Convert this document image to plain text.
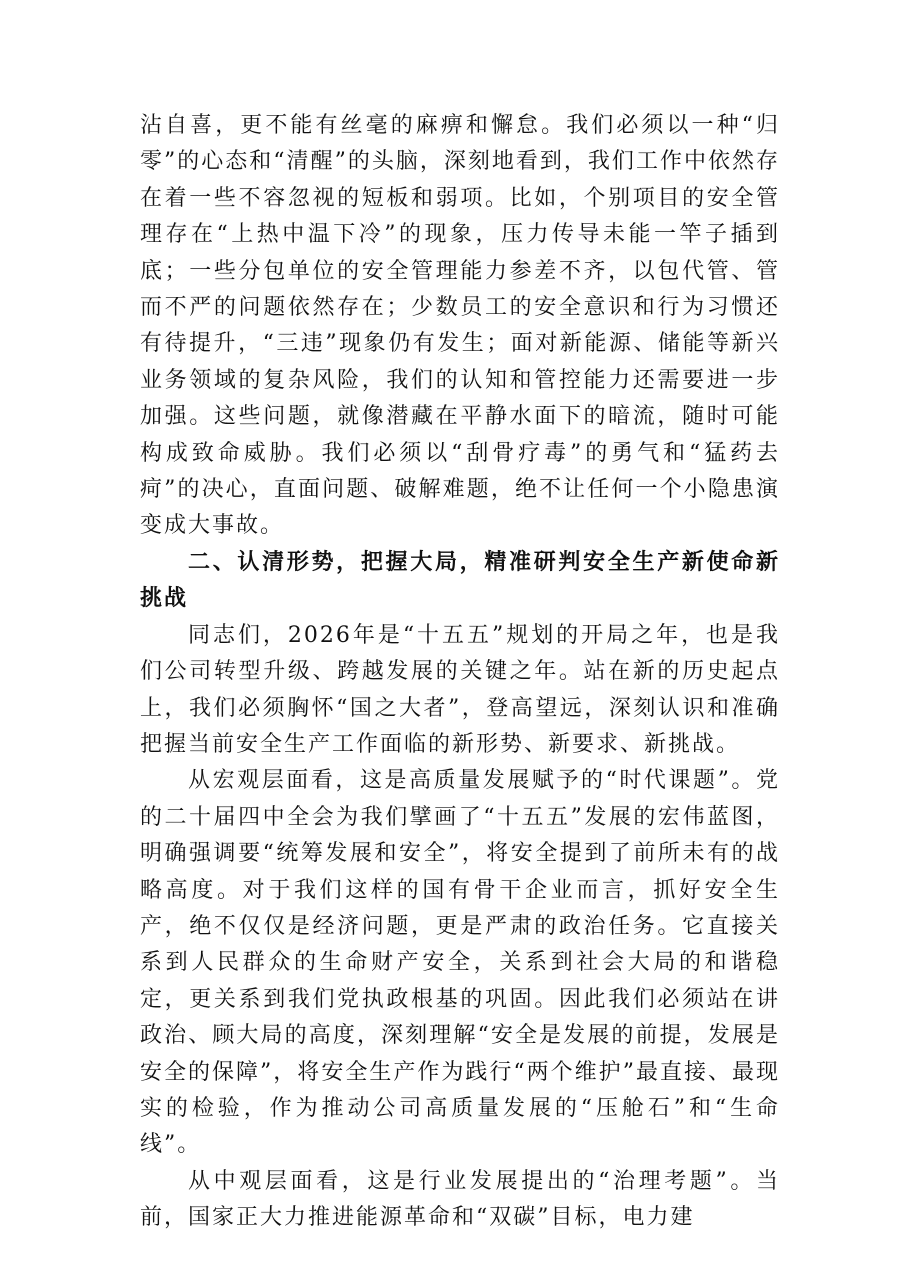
沾自喜，更不能有丝毫的麻痹和懈怠。我们必须以一种“归零”的心态和“清醒”的头脑，深刻地看到，我们工作中依然存在着一些不容忽视的短板和弱项。比如，个别项目的安全管理存在“上热中温下冷”的现象，压力传导未能一竿子插到底；一些分包单位的安全管理能力参差不齐，以包代管、管而不严的问题依然存在；少数员工的安全意识和行为习惯还有待提升，“三违”现象仍有发生；面对新能源、储能等新兴业务领域的复杂风险，我们的认知和管控能力还需要进一步加强。这些问题，就像潜藏在平静水面下的暗流，随时可能构成致命威胁。我们必须以“刮骨疗毒”的勇气和“猛药去疴”的决心，直面问题、破解难题，绝不让任何一个小隐患演变成大事故。

二、认清形势，把握大局，精准研判安全生产新使命新挑战

同志们，2026年是“十五五”规划的开局之年，也是我们公司转型升级、跨越发展的关键之年。站在新的历史起点上，我们必须胸怀“国之大者”，登高望远，深刻认识和准确把握当前安全生产工作面临的新形势、新要求、新挑战。

从宏观层面看，这是高质量发展赋予的“时代课题”。党的二十届四中全会为我们擘画了“十五五”发展的宏伟蓝图，明确强调要“统筹发展和安全”，将安全提到了前所未有的战略高度。对于我们这样的国有骨干企业而言，抓好安全生产，绝不仅仅是经济问题，更是严肃的政治任务。它直接关系到人民群众的生命财产安全，关系到社会大局的和谐稳定，更关系到我们党执政根基的巩固。因此我们必须站在讲政治、顾大局的高度，深刻理解“安全是发展的前提，发展是安全的保障”，将安全生产作为践行“两个维护”最直接、最现实的检验，作为推动公司高质量发展的“压舱石”和“生命线”。

从中观层面看，这是行业发展提出的“治理考题”。当前，国家正大力推进能源革命和“双碳”目标，电力建
